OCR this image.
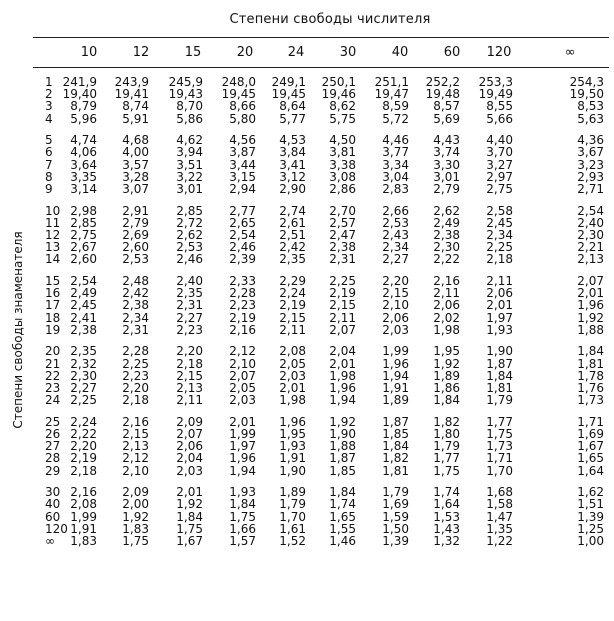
Степени свободы числителя
Степени свободы знаменателя
10	12	15	20	24	30	40	60	120	∞
1 241,9	243,9	245,9	248,0	249,1	250,1	251,1	252,2	253,3	254,3
2 19,40	19,41	19,43	19,45	19,45	19,46	19,47	19,48	19,49	19,50
3	8,79	8,74	8,70	8,66	8,64	8,62	8,59	8,57	8,55	8,53
4	5,96	5,91	5,86	5,80	5,77	5,75	5,72	5,69	5,66	5,63
5	4,74	4,68	4,62	4,56	4,53	4,50	4,46	4,43	4,40	4,36
6	4,06	4,00	3,94	3,87	3,84	3,81	3,77	3,74	3,70	3,67
7	3,64	3,57	3,51	3,44	3,41	3,38	3,34	3,30	3,27	3,23
8	3,35	3,28	3,22	3,15	3,12	3,08	3,04	3,01	2,97	2,93
9	3,14	3,07	3,01	2,94	2,90	2,86	2,83	2,79	2,75	2,71
10 2,98	2,91	2,85	2,77	2,74	2,70	2,66	2,62	2,58	2,54
11 2,85	2,79	2,72	2,65	2,61	2,57	2,53	2,49	2,45	2,40
12 2,75	2,69	2,62	2,54	2,51	2,47	2,43	2,38	2,34	2,30
13 2,67	2,60	2,53	2,46	2,42	2,38	2,34	2,30	2,25	2,21
14 2,60	2,53	2,46	2,39	2,35	2,31	2,27	2,22	2,18	2,13
15 2,54	2,48	2,40	2,33	2,29	2,25	2,20	2,16	2,11	2,07
16 2,49	2,42	2,35	2,28	2,24	2,19	2,15	2,11	2,06	2,01
17 2,45	2,38	2,31	2,23	2,19	2,15	2,10	2,06	2,01	1,96
18 2,41	2,34	2,27	2,19	2,15	2,11	2,06	2,02	1,97	1,92
19 2,38	2,31	2,23	2,16	2,11	2,07	2,03	1,98	1,93	1,88
20 2,35	2,28	2,20	2,12	2,08	2,04	1,99	1,95	1,90	1,84
21 2,32	2,25	2,18	2,10	2,05	2,01	1,96	1,92	1,87	1,81
22 2,30	2,23	2,15	2,07	2,03	1,98	1,94	1,89	1,84	1,78
23 2,27	2,20	2,13	2,05	2,01	1,96	1,91	1,86	1,81	1,76
24 2,25	2,18	2,11	2,03	1,98	1,94	1,89	1,84	1,79	1,73
25 2,24	2,16	2,09	2,01	1,96	1,92	1,87	1,82	1,77	1,71
26 2,22	2,15	2,07	1,99	1,95	1,90	1,85	1,80	1,75	1,69
27 2,20	2,13	2,06	1,97	1,93	1,88	1,84	1,79	1,73	1,67
28 2,19	2,12	2,04	1,96	1,91	1,87	1,82	1,77	1,71	1,65
29 2,18	2,10	2,03	1,94	1,90	1,85	1,81	1,75	1,70	1,64
30 2,16	2,09	2,01	1,93	1,89	1,84	1,79	1,74	1,68	1,62
40 2,08	2,00	1,92	1,84	1,79	1,74	1,69	1,64	1,58	1,51
60 1,99	1,92	1,84	1,75	1,70	1,65	1,59	1,53	1,47	1,39
120 1,91	1,83	1,75	1,66	1,61	1,55	1,50	1,43	1,35	1,25
∞	1,83	1,75	1,67	1,57	1,52	1,46	1,39	1,32	1,22	1,00
